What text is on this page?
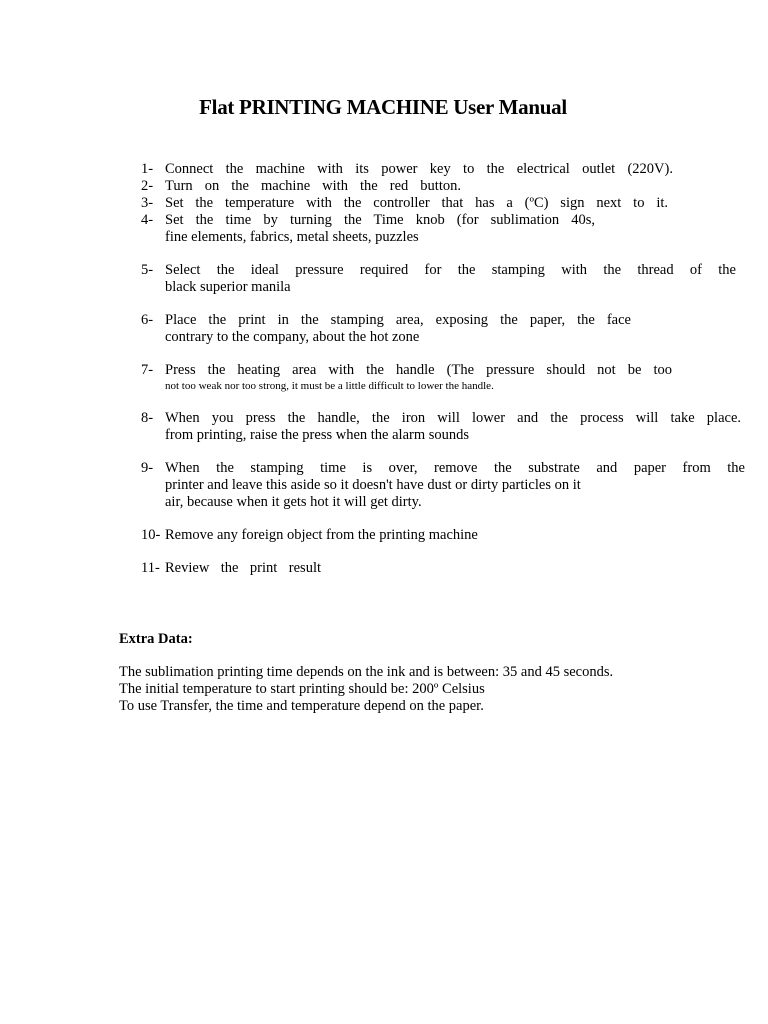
Flat PRINTING MACHINE User Manual
1- Connect the machine with its power key to the electrical outlet (220V).
2- Turn on the machine with the red button.
3- Set the temperature with the controller that has a (ºC) sign next to it.
4- Set the time by turning the Time knob (for sublimation 40s,
fine elements, fabrics, metal sheets, puzzles
5- Select the ideal pressure required for the stamping with the thread of the
black superior manila
6- Place the print in the stamping area, exposing the paper, the face
contrary to the company, about the hot zone
7- Press the heating area with the handle (The pressure should not be too
not too weak nor too strong, it must be a little difficult to lower the handle.
8- When you press the handle, the iron will lower and the process will take place.
from printing, raise the press when the alarm sounds
9- When the stamping time is over, remove the substrate and paper from the
printer and leave this aside so it doesn't have dust or dirty particles on it
air, because when it gets hot it will get dirty.
10- Remove any foreign object from the printing machine
11- Review the print result
Extra Data:
The sublimation printing time depends on the ink and is between: 35 and 45 seconds.
The initial temperature to start printing should be: 200º Celsius
To use Transfer, the time and temperature depend on the paper.
